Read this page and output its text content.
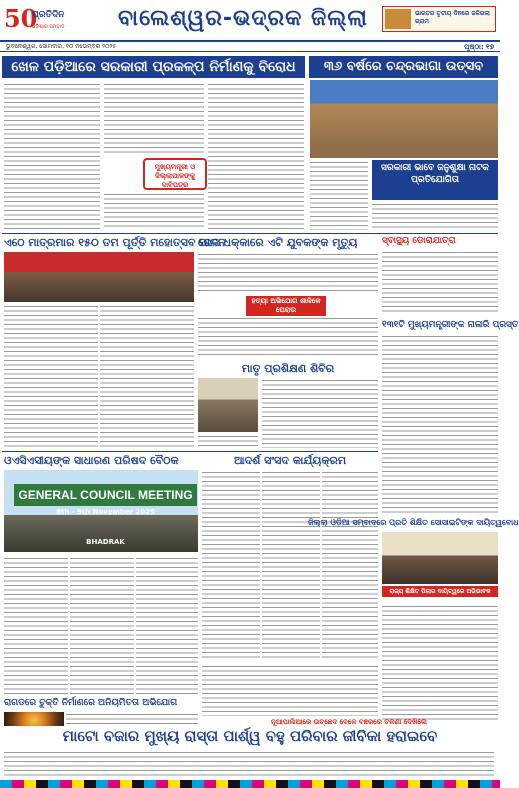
50
ପ୍ରତିଦିନ
ଓଡ଼ିଶାର ସମ୍ବାଦ	ବାଲେଶ୍ୱର-ଭଦ୍ରକ ଜିଲ୍ଲା	ଭାରତର ତୃତୀୟ ଦିନରେ ଜଳିଗଲା ଗ୍ରାମ
ଭୁବନେଶ୍ୱର, ସୋମବାର, ୧୦ ନଭେମ୍ବର ୨୦୨୫	ପୃଷ୍ଠା: ୧୭
ଖେଳ ପଡ଼ିଆରେ ସରକାରୀ ପ୍ରକଳ୍ପ ନିର୍ମାଣକୁ ବିରୋଧ
ମୁଖ୍ୟମନ୍ତ୍ରୀ ଓ ଜିଲ୍ଲାପାଳଙ୍କୁ ଦାବିପତ୍ର
୩୬ ବର୍ଷରେ ଚନ୍ଦ୍ରଭାଗା ଉତ୍ସବ
ସରକାରୀ ଭାବେ ଜନୁଶୁକ୍ଷା ନାଟକ ପ୍ରତିଯୋଗିତା
ଏଠେ ମାତ୍ରମାର ୧୫୦ ତମ ପୂର୍ତ୍ତି ମହୋତ୍ସବ ପାଳନ
ରେଳ ଧକ୍କାରେ ଏଟି ଯୁବକଙ୍କ ମୃତ୍ୟୁ
ହତ୍ୟା ଅଭିଯୋଗ ଶାଳିକେ ଘେରାଉ
ସ୍ବାସ୍ଥ୍ୟ ଡୋରାଯାତ୍ରା
୧୩୧ଟି ମୁଖ୍ୟମନ୍ତ୍ରୀଙ୍କ ନାଳାରି ପ୍ରସ୍ତ
ମାତୃ ପ୍ରଶିକ୍ଷଣ ଶିବିର
ଓଏସିଏସୀୟଙ୍କ ସାଧାରଣ ପରିଷଦ ବୈଠକ
GENERAL COUNCIL MEETING
8th - 9th November 2025
BHADRAK
ଆଦର୍ଶ ସଂସଦ କାର୍ଯ୍ୟକ୍ରମ
ଜିଲ୍ଲା ଓଡ଼ିଆ ସମ୍ବାଦରେ ପ୍ରତି ଶିକ୍ଷିତ ସୋସାଇଟିଙ୍କ ଦାୟିତ୍ୱବୋଧ
ରାଜ୍ୟ ଶିକ୍ଷିତ ପିଲାର ଦାୟିତ୍ୱରେ ଅଭିଭାବକ
ରାଗଡରେ ଚୁକ୍ତି ନିର୍ମାଣରେ ଅନିୟମିତତା ଅଭିଯୋଗ
ନୂଆପାଲିଆରେ ଉଚ୍ଛେଦ ବେଳେ ବଞ୍ଚରରେ ଚଳଣା ଦେଖିଲେ
ମାଟୋ ବଜାର ମୁଖ୍ୟ ରାସ୍ତା ପାର୍ଶ୍ୱ ବହୁ ପରିବାର ଜୀବିକା ହରାଇବେ
